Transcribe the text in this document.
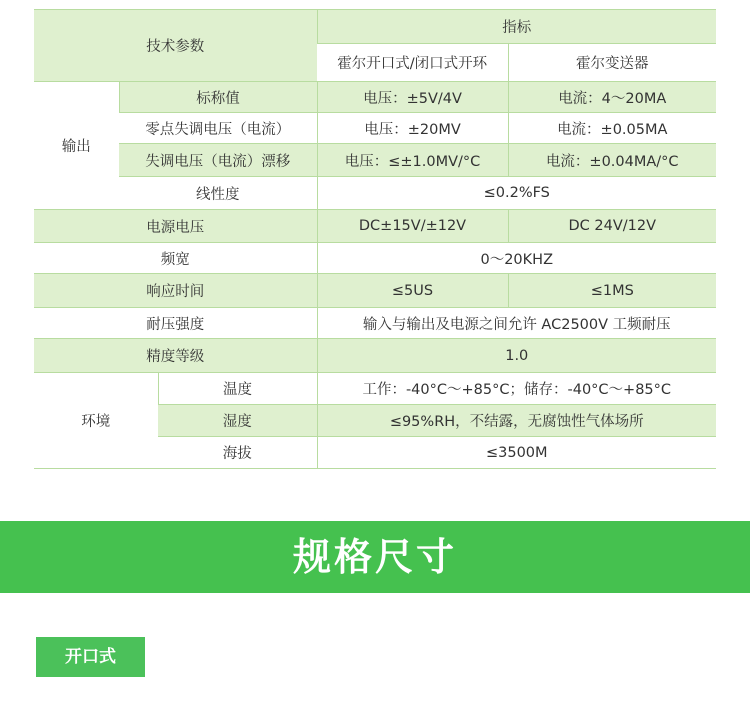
技术参数			指标	
			霍尔开口式/闭口式开环	霍尔变送器
输出	标称值		电压：±5V/4V	电流：4～20MA
	零点失调电压（电流）		电压：±20MV	电流：±0.05MA
	失调电压（电流）漂移		电压：≤±1.0MV/°C	电流：±0.04MA/°C
	线性度		≤0.2%FS	
电源电压			DC±15V/±12V	DC 24V/12V
频宽			0～20KHZ	
响应时间			≤5US	≤1MS
耐压强度			输入与输出及电源之间允许 AC2500V 工频耐压	
精度等级			1.0	
环境		温度	工作：-40°C～+85°C；储存：-40°C～+85°C	
		湿度	≤95%RH，不结露，无腐蚀性气体场所	
		海拔	≤3500M	
规格尺寸
开口式
